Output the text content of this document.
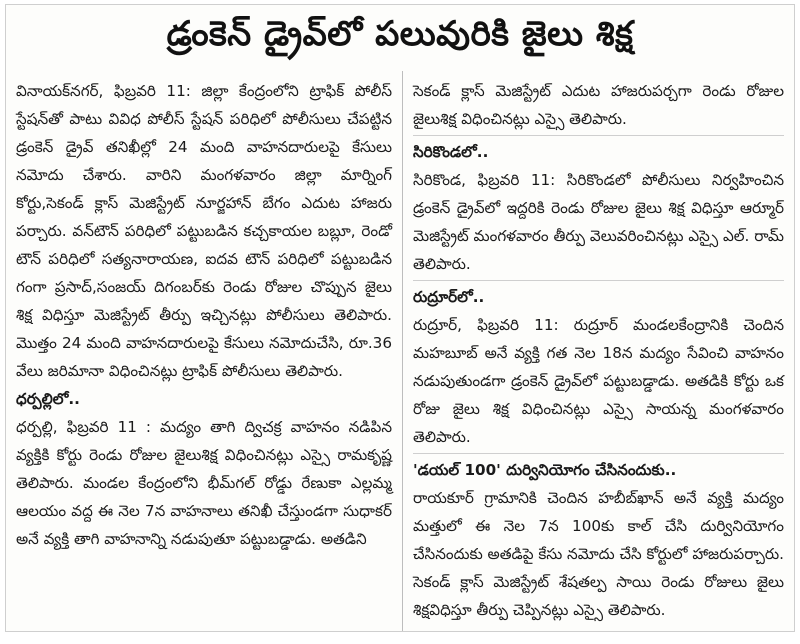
డ్రంకెన్ డ్రైవ్‌లో పలువురికి జైలు శిక్ష

వినాయక్‌నగర్, ఫిబ్రవరి 11: జిల్లా కేంద్రంలోని ట్రాఫిక్ పోలీస్ స్టేషన్‌తో పాటు వివిధ పోలీస్ స్టేషన్ పరిధిలో పోలీసులు చేపట్టిన డ్రంకెన్ డ్రైవ్ తనిఖీల్లో 24 మంది వాహనదారులపై కేసులు నమోదు చేశారు. వారిని మంగళవారం జిల్లా మార్నింగ్ కోర్టు,సెకండ్ క్లాస్ మెజిస్ట్రేట్ నూర్జహాన్ బేగం ఎదుట హాజరు పర్చారు. వన్‌టౌన్ పరిధిలో పట్టుబడిన కచ్చకాయల బబ్లూ, రెండో టౌన్ పరిధిలో సత్యనారాయణ, ఐదవ టౌన్ పరిధిలో పట్టుబడిన గంగా ప్రసాద్,సంజయ్ దిగంబర్‌కు రెండు రోజుల చొప్పున జైలు శిక్ష విధిస్తూ మెజిస్ట్రేట్ తీర్పు ఇచ్చినట్లు పోలీసులు తెలిపారు. మొత్తం 24 మంది వాహనదారులపై కేసులు నమోదుచేసి, రూ.36 వేలు జరిమానా విధించినట్లు ట్రాఫిక్ పోలీసులు తెలిపారు.

ధర్పల్లిలో..

ధర్పల్లి, ఫిబ్రవరి 11 : మద్యం తాగి ద్విచక్ర వాహనం నడిపిన వ్యక్తికి కోర్టు రెండు రోజుల జైలుశిక్ష విధించినట్లు ఎస్సై రామకృష్ణ తెలిపారు. మండల కేంద్రంలోని భీమ్‌గల్ రోడ్డు రేణుకా ఎల్లమ్మ ఆలయం వద్ద ఈ నెల 7న వాహనాలు తనిఖీ చేస్తుండగా సుధాకర్ అనే వ్యక్తి తాగి వాహనాన్ని నడుపుతూ పట్టుబడ్డాడు. అతడిని

సెకండ్ క్లాస్ మెజిస్ట్రేట్ ఎదుట హాజరుపర్చగా రెండు రోజుల జైలుశిక్ష విధించినట్లు ఎస్సై తెలిపారు.

సిరికొండలో..

సిరికొండ, ఫిబ్రవరి 11: సిరికొండలో పోలీసులు నిర్వహించిన డ్రంకెన్ డ్రైవ్‌లో ఇద్దరికి రెండు రోజుల జైలు శిక్ష విధిస్తూ ఆర్మూర్ మెజిస్ట్రేట్ మంగళవారం తీర్పు వెలువరించినట్లు ఎస్సై ఎల్. రామ్ తెలిపారు.

రుద్రూర్‌లో..

రుద్రూర్, ఫిబ్రవరి 11: రుద్రూర్ మండలకేంద్రానికి చెందిన మహబూబ్ అనే వ్యక్తి గత నెల 18న మద్యం సేవించి వాహనం నడుపుతుండగా డ్రంకెన్ డ్రైవ్‌లో పట్టుబడ్డాడు. అతడికి కోర్టు ఒక రోజు జైలు శిక్ష విధించినట్లు ఎస్సై సాయన్న మంగళవారం తెలిపారు.

'డయల్ 100' దుర్వినియోగం చేసినందుకు..

రాయకూర్ గ్రామానికి చెందిన హబీబ్‌ఖాన్ అనే వ్యక్తి మద్యం మత్తులో ఈ నెల 7న 100కు కాల్ చేసి దుర్వినియోగం చేసినందుకు అతడిపై కేసు నమోదు చేసి కోర్టులో హాజరుపర్చారు. సెకండ్ క్లాస్ మెజిస్ట్రేట్ శేషతల్ప సాయి రెండు రోజులు జైలు శిక్షవిధిస్తూ తీర్పు చెప్పినట్లు ఎస్సై తెలిపారు.
